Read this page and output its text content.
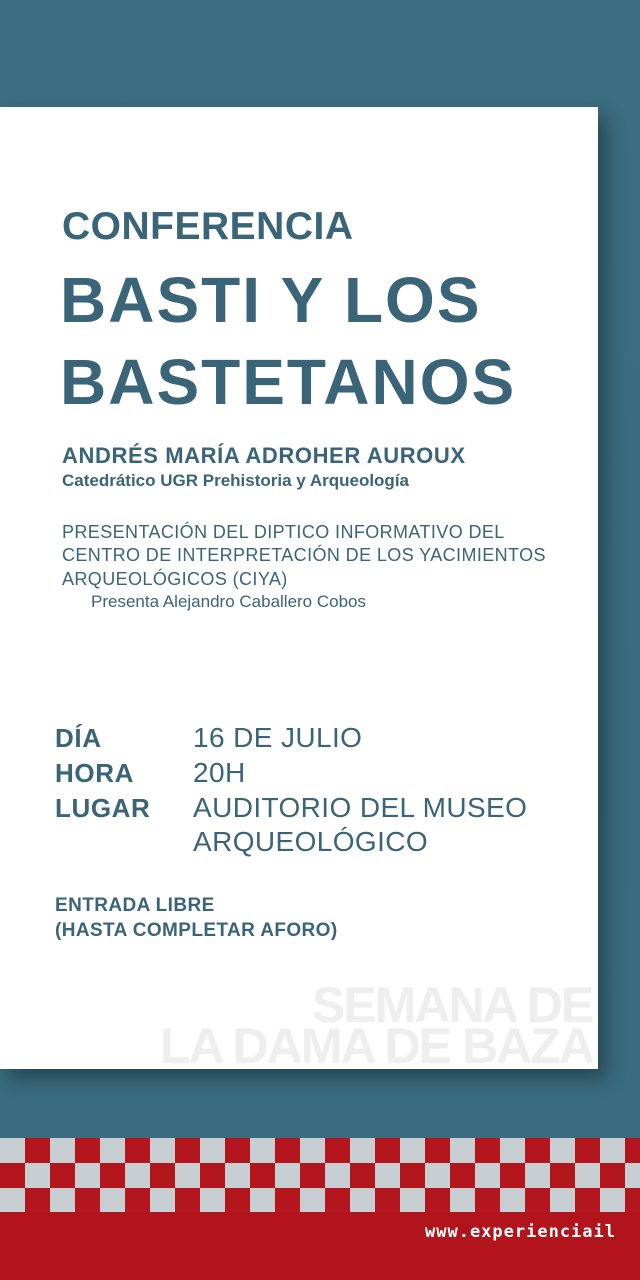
CONFERENCIA
BASTI Y LOS
BASTETANOS
ANDRÉS MARÍA ADROHER AUROUX
Catedrático UGR Prehistoria y Arqueología
PRESENTACIÓN DEL DIPTICO INFORMATIVO DEL
CENTRO DE INTERPRETACIÓN DE LOS YACIMIENTOS
ARQUEOLÓGICOS (CIYA)
Presenta Alejandro Caballero Cobos
DÍA	16 DE JULIO
HORA 20H
LUGAR AUDITORIO DEL MUSEO
ARQUEOLÓGICO
ENTRADA LIBRE
(HASTA COMPLETAR AFORO)
SEMANA DE
LA DAMA DE BAZA
www.experienciail
